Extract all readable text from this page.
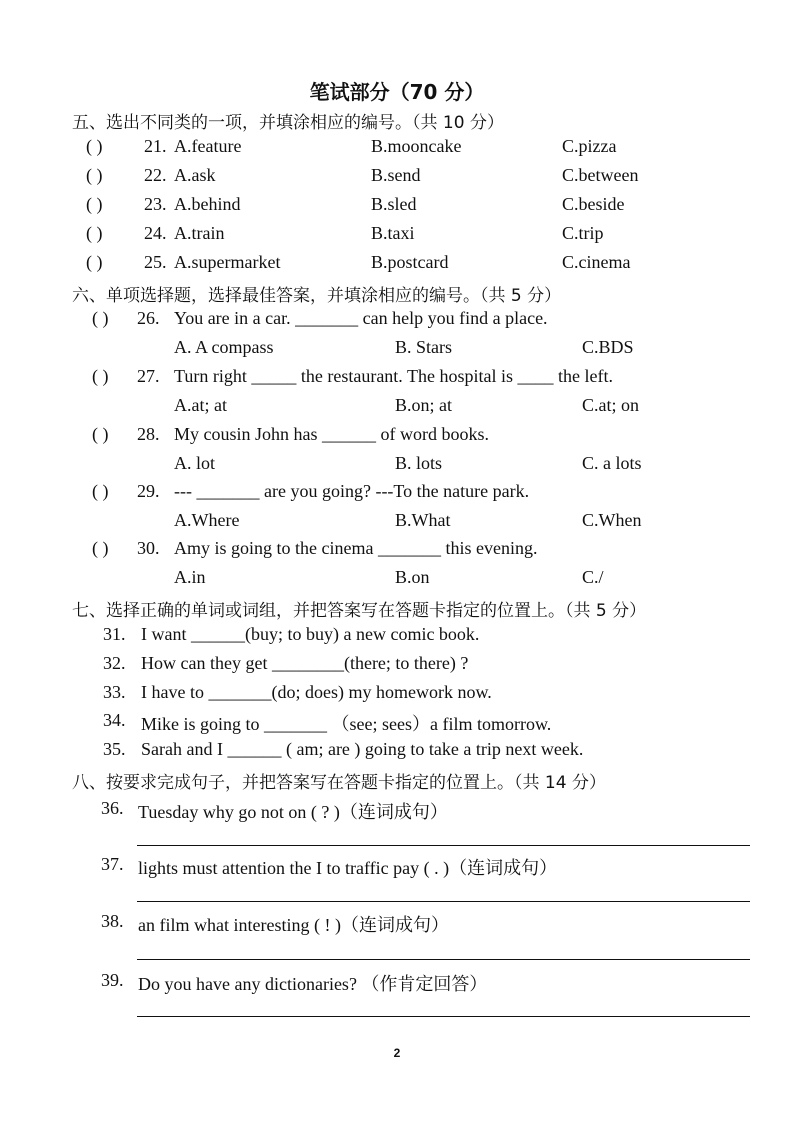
笔试部分（70 分）
五、选出不同类的一项，并填涂相应的编号。（共 10 分）
( ) 21. A.feature	B.mooncake	C.pizza
( ) 22. A.ask	B.send	C.between
( ) 23. A.behind	B.sled	C.beside
( ) 24. A.train	B.taxi	C.trip
( ) 25. A.supermarket	B.postcard	C.cinema
六、单项选择题，选择最佳答案，并填涂相应的编号。（共 5 分）
( ) 26. You are in a car. _______ can help you find a place.
A. A compass	B. Stars	C.BDS
( ) 27. Turn right _____ the restaurant. The hospital is ____ the left.
A.at; at	B.on; at	C.at; on
( ) 28. My cousin John has ______ of word books.
A. lot	B. lots	C. a lots
( ) 29. --- _______ are you going? ---To the nature park.
A.Where	B.What	C.When
( ) 30. Amy is going to the cinema _______ this evening.
A.in	B.on	C./
七、选择正确的单词或词组，并把答案写在答题卡指定的位置上。（共 5 分）
31. I want ______(buy; to buy) a new comic book.
32. How can they get ________(there; to there) ?
33. I have to _______(do; does) my homework now.
34. Mike is going to _______ （see; sees）a film tomorrow.
35. Sarah and I ______ ( am; are ) going to take a trip next week.
八、按要求完成句子，并把答案写在答题卡指定的位置上。（共 14 分）
36. Tuesday why go not on ( ? )（连词成句）
37. lights must attention the I to traffic pay ( . )（连词成句）
38. an film what interesting ( ! )（连词成句）
39. Do you have any dictionaries? （作肯定回答）
2
